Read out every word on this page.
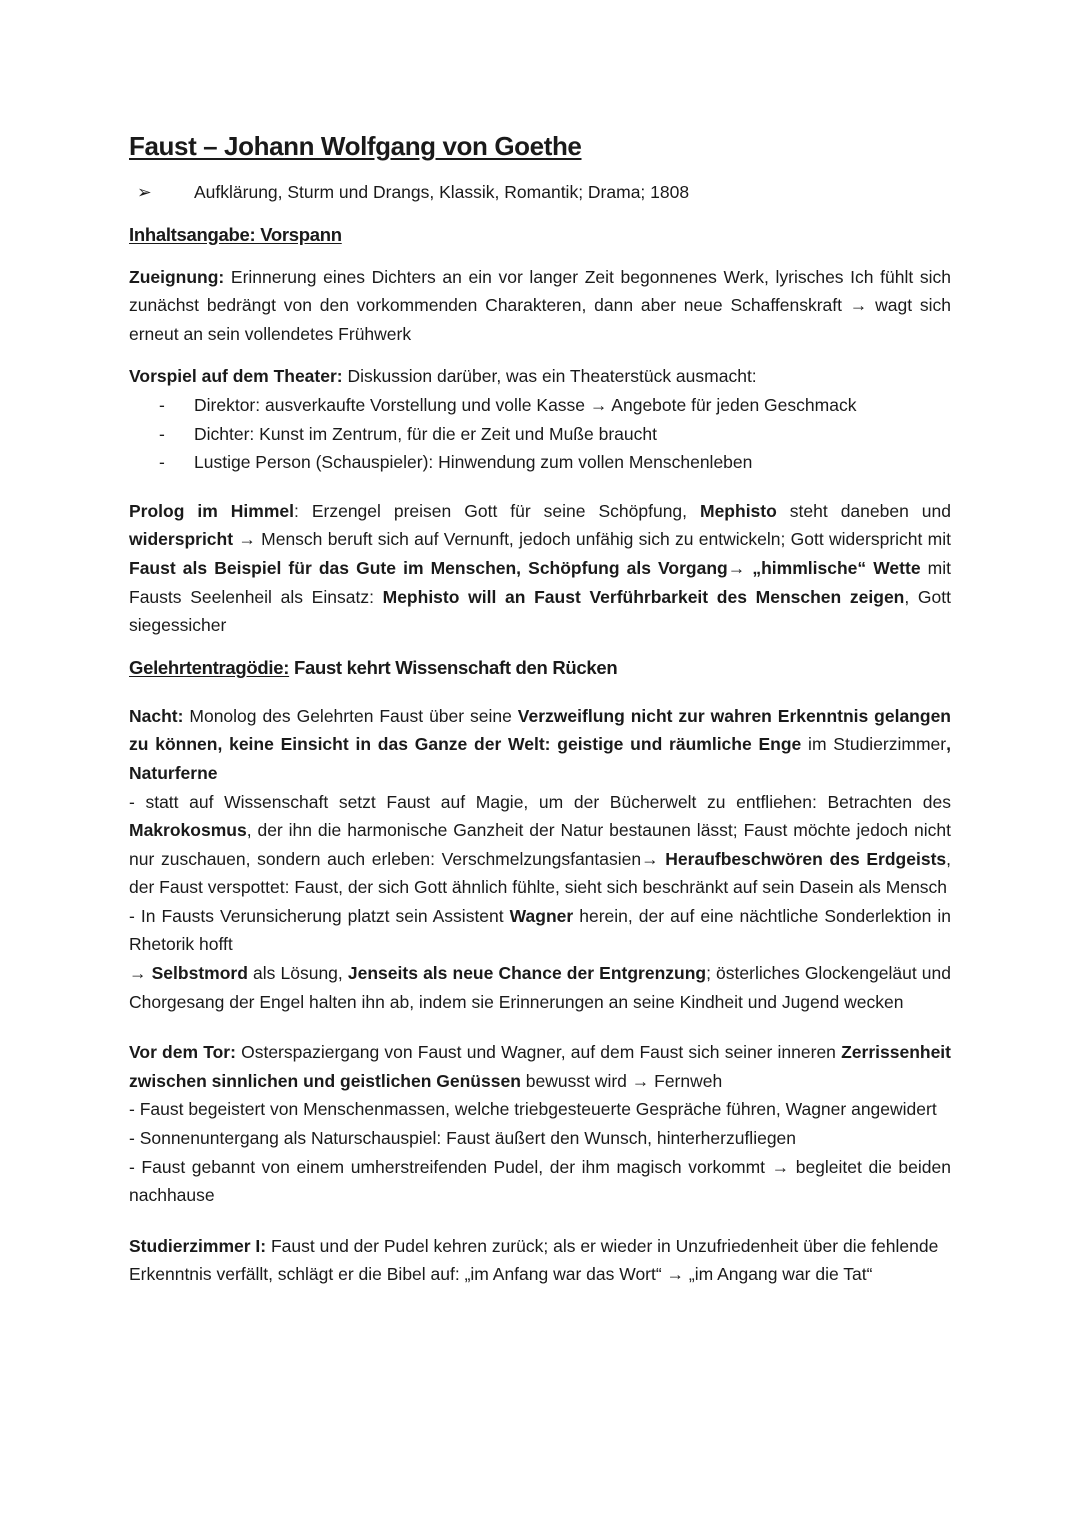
Faust – Johann Wolfgang von Goethe

➢ Aufklärung, Sturm und Drangs, Klassik, Romantik; Drama; 1808

Inhaltsangabe: Vorspann

Zueignung: Erinnerung eines Dichters an ein vor langer Zeit begonnenes Werk, lyrisches Ich fühlt sich zunächst bedrängt von den vorkommenden Charakteren, dann aber neue Schaffenskraft → wagt sich erneut an sein vollendetes Frühwerk

Vorspiel auf dem Theater: Diskussion darüber, was ein Theaterstück ausmacht:

- Direktor: ausverkaufte Vorstellung und volle Kasse → Angebote für jeden Geschmack
- Dichter: Kunst im Zentrum, für die er Zeit und Muße braucht
- Lustige Person (Schauspieler): Hinwendung zum vollen Menschenleben

Prolog im Himmel: Erzengel preisen Gott für seine Schöpfung, Mephisto steht daneben und widerspricht → Mensch beruft sich auf Vernunft, jedoch unfähig sich zu entwickeln; Gott widerspricht mit Faust als Beispiel für das Gute im Menschen, Schöpfung als Vorgang→ „himmlische“ Wette mit Fausts Seelenheil als Einsatz: Mephisto will an Faust Verführbarkeit des Menschen zeigen, Gott siegessicher

Gelehrtentragödie: Faust kehrt Wissenschaft den Rücken

Nacht: Monolog des Gelehrten Faust über seine Verzweiflung nicht zur wahren Erkenntnis gelangen zu können, keine Einsicht in das Ganze der Welt: geistige und räumliche Enge im Studierzimmer, Naturferne

- statt auf Wissenschaft setzt Faust auf Magie, um der Bücherwelt zu entfliehen: Betrachten des Makrokosmus, der ihn die harmonische Ganzheit der Natur bestaunen lässt; Faust möchte jedoch nicht nur zuschauen, sondern auch erleben: Verschmelzungsfantasien→ Heraufbeschwören des Erdgeists, der Faust verspottet: Faust, der sich Gott ähnlich fühlte, sieht sich beschränkt auf sein Dasein als Mensch

- In Fausts Verunsicherung platzt sein Assistent Wagner herein, der auf eine nächtliche Sonderlektion in Rhetorik hofft

→ Selbstmord als Lösung, Jenseits als neue Chance der Entgrenzung; österliches Glockengeläut und Chorgesang der Engel halten ihn ab, indem sie Erinnerungen an seine Kindheit und Jugend wecken

Vor dem Tor: Osterspaziergang von Faust und Wagner, auf dem Faust sich seiner inneren Zerrissenheit zwischen sinnlichen und geistlichen Genüssen bewusst wird → Fernweh

- Faust begeistert von Menschenmassen, welche triebgesteuerte Gespräche führen, Wagner angewidert

- Sonnenuntergang als Naturschauspiel: Faust äußert den Wunsch, hinterherzufliegen

- Faust gebannt von einem umherstreifenden Pudel, der ihm magisch vorkommt → begleitet die beiden nachhause

Studierzimmer I: Faust und der Pudel kehren zurück; als er wieder in Unzufriedenheit über die fehlende Erkenntnis verfällt, schlägt er die Bibel auf: „im Anfang war das Wort“ → „im Angang war die Tat“
